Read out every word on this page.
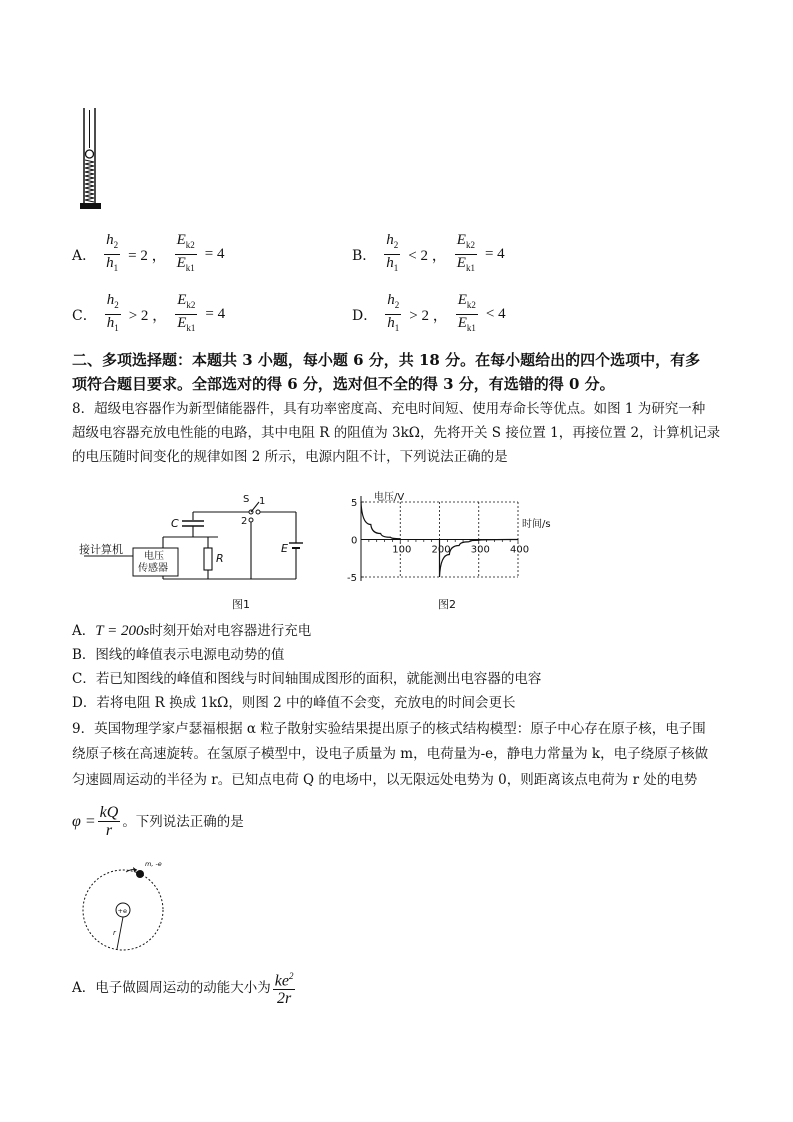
A． $\frac{h_2}{h_1} = 2$ ， $\frac{E_{k2}}{E_{k1}} = 4$	B． $\frac{h_2}{h_1} < 2$ ， $\frac{E_{k2}}{E_{k1}} = 4$
C． $\frac{h_2}{h_1} > 2$ ， $\frac{E_{k2}}{E_{k1}} = 4$	D． $\frac{h_2}{h_1} > 2$ ， $\frac{E_{k2}}{E_{k1}} < 4$
二、多项选择题：本题共 3 小题，每小题 6 分，共 18 分。在每小题给出的四个选项中，有多
项符合题目要求。全部选对的得 6 分，选对但不全的得 3 分，有选错的得 0 分。
8．超级电容器作为新型储能器件，具有功率密度高、充电时间短、使用寿命长等优点。如图 1 为研究一种
超级电容器充放电性能的电路，其中电阻 R 的阻值为 3kΩ，先将开关 S 接位置 1，再接位置 2，计算机记录
的电压随时间变化的规律如图 2 所示，电源内阻不计，下列说法正确的是
接计算机
电压
传感器
C
R
E
S 1
2
图1
100 200 300 400
5
0
-5
电压/V
时间/s
图2
A．T = 200s时刻开始对电容器进行充电
B．图线的峰值表示电源电动势的值
C．若已知图线的峰值和图线与时间轴围成图形的面积，就能测出电容器的电容
D．若将电阻 R 换成 1kΩ，则图 2 中的峰值不会变，充放电的时间会更长
9．英国物理学家卢瑟福根据 α 粒子散射实验结果提出原子的核式结构模型：原子中心存在原子核，电子围
绕原子核在高速旋转。在氢原子模型中，设电子质量为 m，电荷量为-e，静电力常量为 k，电子绕原子核做
匀速圆周运动的半径为 r。已知点电荷 Q 的电场中，以无限远处电势为 0，则距离该点电荷为 r 处的电势
$\varphi = \frac{kQ}{r}$ 。下列说法正确的是
+e
m, -e
r
A． 电子做圆周运动的动能大小为 $\frac{ke^2}{2r}$
